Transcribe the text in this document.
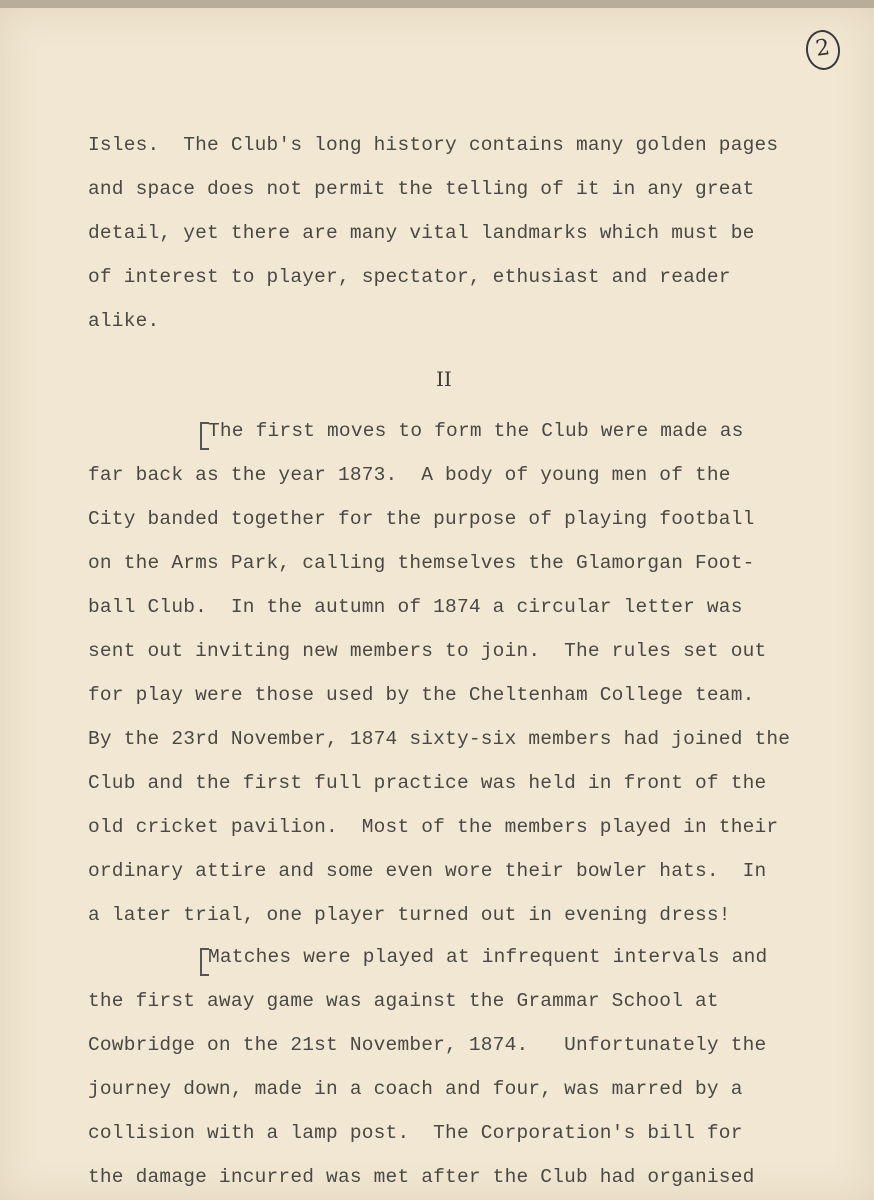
2

Isles.  The Club's long history contains many golden pages

and space does not permit the telling of it in any great

detail, yet there are many vital landmarks which must be

of interest to player, spectator, ethusiast and reader

alike.

II

The first moves to form the Club were made as

far back as the year 1873.  A body of young men of the

City banded together for the purpose of playing football

on the Arms Park, calling themselves the Glamorgan Foot-

ball Club.  In the autumn of 1874 a circular letter was

sent out inviting new members to join.  The rules set out

for play were those used by the Cheltenham College team.

By the 23rd November, 1874 sixty-six members had joined the

Club and the first full practice was held in front of the

old cricket pavilion.  Most of the members played in their

ordinary attire and some even wore their bowler hats.  In

a later trial, one player turned out in evening dress!

Matches were played at infrequent intervals and

the first away game was against the Grammar School at

Cowbridge on the 21st November, 1874.   Unfortunately the

journey down, made in a coach and four, was marred by a

collision with a lamp post.  The Corporation's bill for

the damage incurred was met after the Club had organised
